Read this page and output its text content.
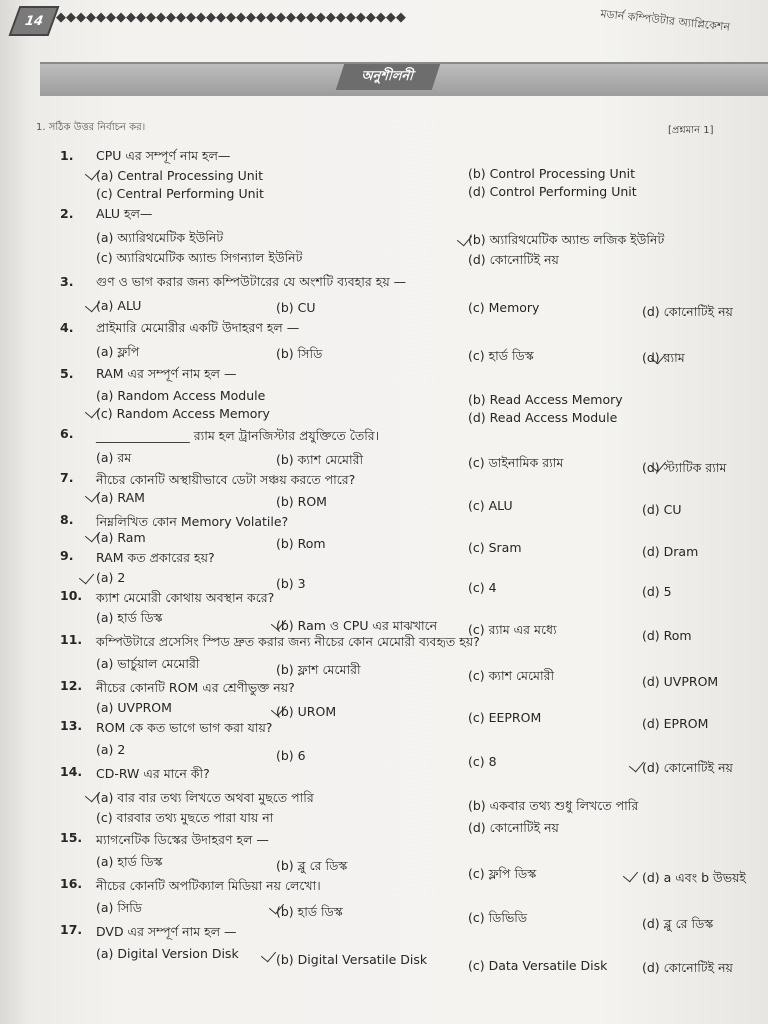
14 ◆◆◆◆◆◆◆◆◆◆◆◆◆◆◆◆◆◆◆◆◆◆◆◆◆◆◆◆◆◆◆◆◆◆◆	মডার্ন কম্পিউটার অ্যাপ্লিকেশন
অনুশীলনী
1. সঠিক উত্তর নির্বাচন কর।	[প্রশ্নমান 1]
1. CPU এর সম্পূর্ণ নাম হল—
(a) Central Processing Unit	(b) Control Processing Unit
(c) Central Performing Unit	(d) Control Performing Unit
2. ALU হল—
(a) অ্যারিথমেটিক ইউনিট	(b) অ্যারিথমেটিক অ্যান্ড লজিক ইউনিট
(c) অ্যারিথমেটিক অ্যান্ড সিগন্যাল ইউনিট	(d) কোনোটিই নয়
3. গুণ ও ভাগ করার জন্য কম্পিউটারের যে অংশটি ব্যবহার হয় —
(a) ALU	(b) CU	(c) Memory	(d) কোনোটিই নয়
4. প্রাইমারি মেমোরীর একটি উদাহরণ হল —
(a) ফ্লপি	(b) সিডি	(c) হার্ড ডিস্ক	(d) র‍্যাম
5. RAM এর সম্পূর্ণ নাম হল —
(a) Random Access Module	(b) Read Access Memory
(c) Random Access Memory	(d) Read Access Module
6. _______________ র‍্যাম হল ট্রানজিস্টার প্রযুক্তিতে তৈরি।
(a) রম	(b) ক্যাশ মেমোরী	(c) ডাইনামিক র‍্যাম	(d) স্ট্যাটিক র‍্যাম
7. নীচের কোনটি অস্থায়ীভাবে ডেটা সঞ্চয় করতে পারে?
(a) RAM	(b) ROM	(c) ALU	(d) CU
8. নিম্নলিখিত কোন Memory Volatile?
(a) Ram	(b) Rom	(c) Sram	(d) Dram
9. RAM কত প্রকারের হয়?
(a) 2	(b) 3	(c) 4	(d) 5
10. ক্যাশ মেমোরী কোথায় অবস্থান করে?
(a) হার্ড ডিস্ক
(b) Ram ও CPU এর মাঝখানে (c) র‍্যাম এর মধ্যে	(d) Rom
11. কম্পিউটারে প্রসেসিং স্পিড দ্রুত করার জন্য নীচের কোন মেমোরী ব্যবহৃত হয়?
(a) ভার্চুয়াল মেমোরী	(b) ফ্লাশ মেমোরী	(c) ক্যাশ মেমোরী	(d) UVPROM
12. নীচের কোনটি ROM এর শ্রেণীভুক্ত নয়?
(a) UVPROM	(b) UROM	(c) EEPROM	(d) EPROM
13. ROM কে কত ভাগে ভাগ করা যায়?
(a) 2	(b) 6	(c) 8	(d) কোনোটিই নয়
14. CD-RW এর মানে কী?
(a) বার বার তথ্য লিখতে অথবা মুছতে পারি
(b) একবার তথ্য শুধু লিখতে পারি
(c) বারবার তথ্য মুছতে পারা যায় না
(d) কোনোটিই নয়
15. ম্যাগনেটিক ডিস্কের উদাহরণ হল —
(a) হার্ড ডিস্ক	(b) ব্লু রে ডিস্ক
(c) ফ্লপি ডিস্ক	(d) a এবং b উভয়ই
16. নীচের কোনটি অপটিক্যাল মিডিয়া নয় লেখো।
(a) সিডি	(b) হার্ড ডিস্ক	(c) ডিভিডি	(d) ব্লু রে ডিস্ক
17. DVD এর সম্পূর্ণ নাম হল —
(a) Digital Version Disk	(b) Digital Versatile Disk	(c) Data Versatile Disk	(d) কোনোটিই নয়
